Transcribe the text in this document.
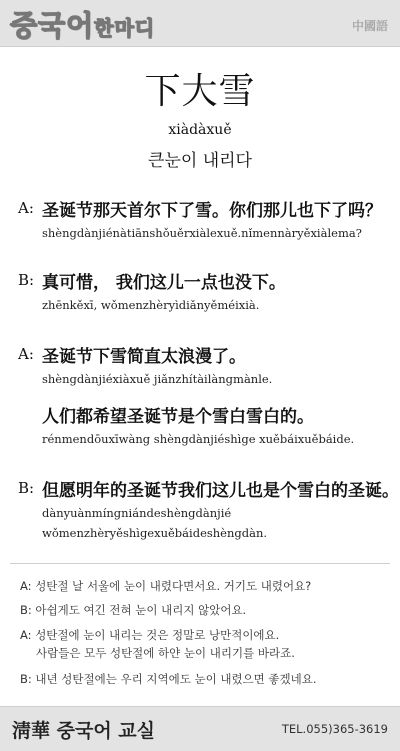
중국어한마디	中國語
下大雪
xiàdàxuě
큰눈이 내리다
A: 圣诞节那天首尔下了雪。你们那儿也下了吗？
shèngdànjiénàtiānshǒuěrxiàlexuě.nǐmennàryěxiàlema?
B: 真可惜， 我们这儿一点也没下。
zhēnkěxī, wǒmenzhèryìdiǎnyěméixià.
A: 圣诞节下雪简直太浪漫了。
shèngdànjiéxiàxuě jiǎnzhítàilàngmànle.
人们都希望圣诞节是个雪白雪白的。
rénmendōuxīwàng shèngdànjiéshìge xuěbáixuěbáide.
B: 但愿明年的圣诞节我们这儿也是个雪白的圣诞。
dànyuànmíngniándeshèngdànjié
wǒmenzhèryěshìgexuěbáideshèngdàn.
A: 성탄절 날 서울에 눈이 내렸다면서요. 거기도 내렸어요?
B: 아쉽게도 여긴 전혀 눈이 내리지 않았어요.
A: 성탄절에 눈이 내리는 것은 정말로 낭만적이에요.
사람들은 모두 성탄절에 하얀 눈이 내리기를 바라죠.
B: 내년 성탄절에는 우리 지역에도 눈이 내렸으면 좋겠네요.
淸華 중국어 교실	TEL.055)365-3619
